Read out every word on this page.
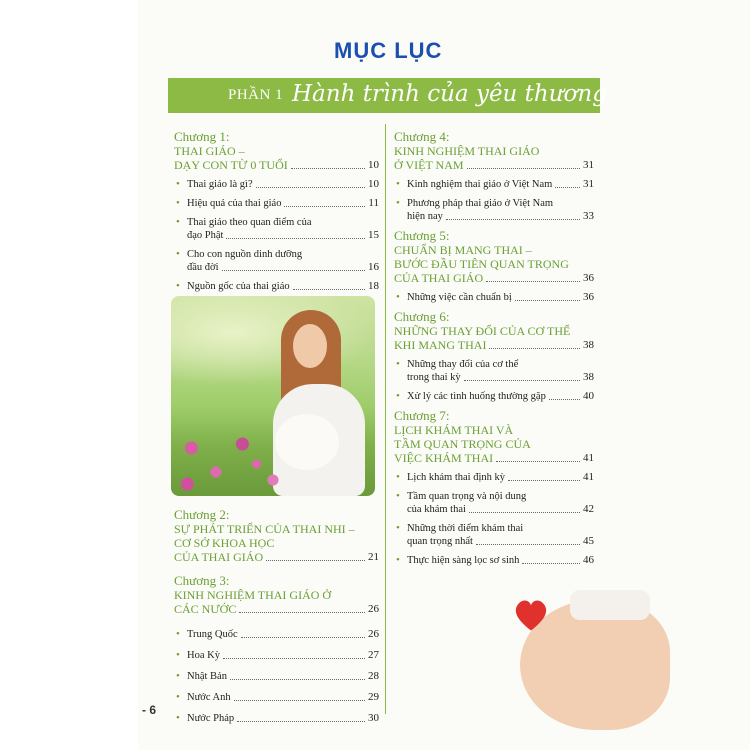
MỤC LỤC
PHẦN 1 Hành trình của yêu thương
Chương 1:
THAI GIÁO –
DẠY CON TỪ 0 TUỔI	10
• Thai giáo là gì?	10
• Hiệu quả của thai giáo	11
• Thai giáo theo quan điểm của
đạo Phật	15
• Cho con nguồn dinh dưỡng
đầu đời	16
• Nguồn gốc của thai giáo	18
Chương 2:
SỰ PHÁT TRIỂN CỦA THAI NHI –
CƠ SỞ KHOA HỌC
CỦA THAI GIÁO	21
Chương 3:
KINH NGHIỆM THAI GIÁO Ở
CÁC NƯỚC	26
• Trung Quốc	26
• Hoa Kỳ	27
• Nhật Bản	28
• Nước Anh	29
• Nước Pháp	30
Chương 4:
KINH NGHIỆM THAI GIÁO
Ở VIỆT NAM	31
• Kinh nghiệm thai giáo ở Việt Nam	31
• Phương pháp thai giáo ở Việt Nam
hiện nay	33
Chương 5:
CHUẨN BỊ MANG THAI –
BƯỚC ĐẦU TIÊN QUAN TRỌNG
CỦA THAI GIÁO	36
• Những việc cần chuẩn bị	36
Chương 6:
NHỮNG THAY ĐỔI CỦA CƠ THỂ
KHI MANG THAI	38
• Những thay đổi của cơ thể
trong thai kỳ	38
• Xử lý các tình huống thường gặp	40
Chương 7:
LỊCH KHÁM THAI VÀ
TẦM QUAN TRỌNG CỦA
VIỆC KHÁM THAI	41
• Lịch khám thai định kỳ	41
• Tầm quan trọng và nội dung
của khám thai	42
• Những thời điểm khám thai
quan trọng nhất	45
• Thực hiện sàng lọc sơ sinh	46
- 6
